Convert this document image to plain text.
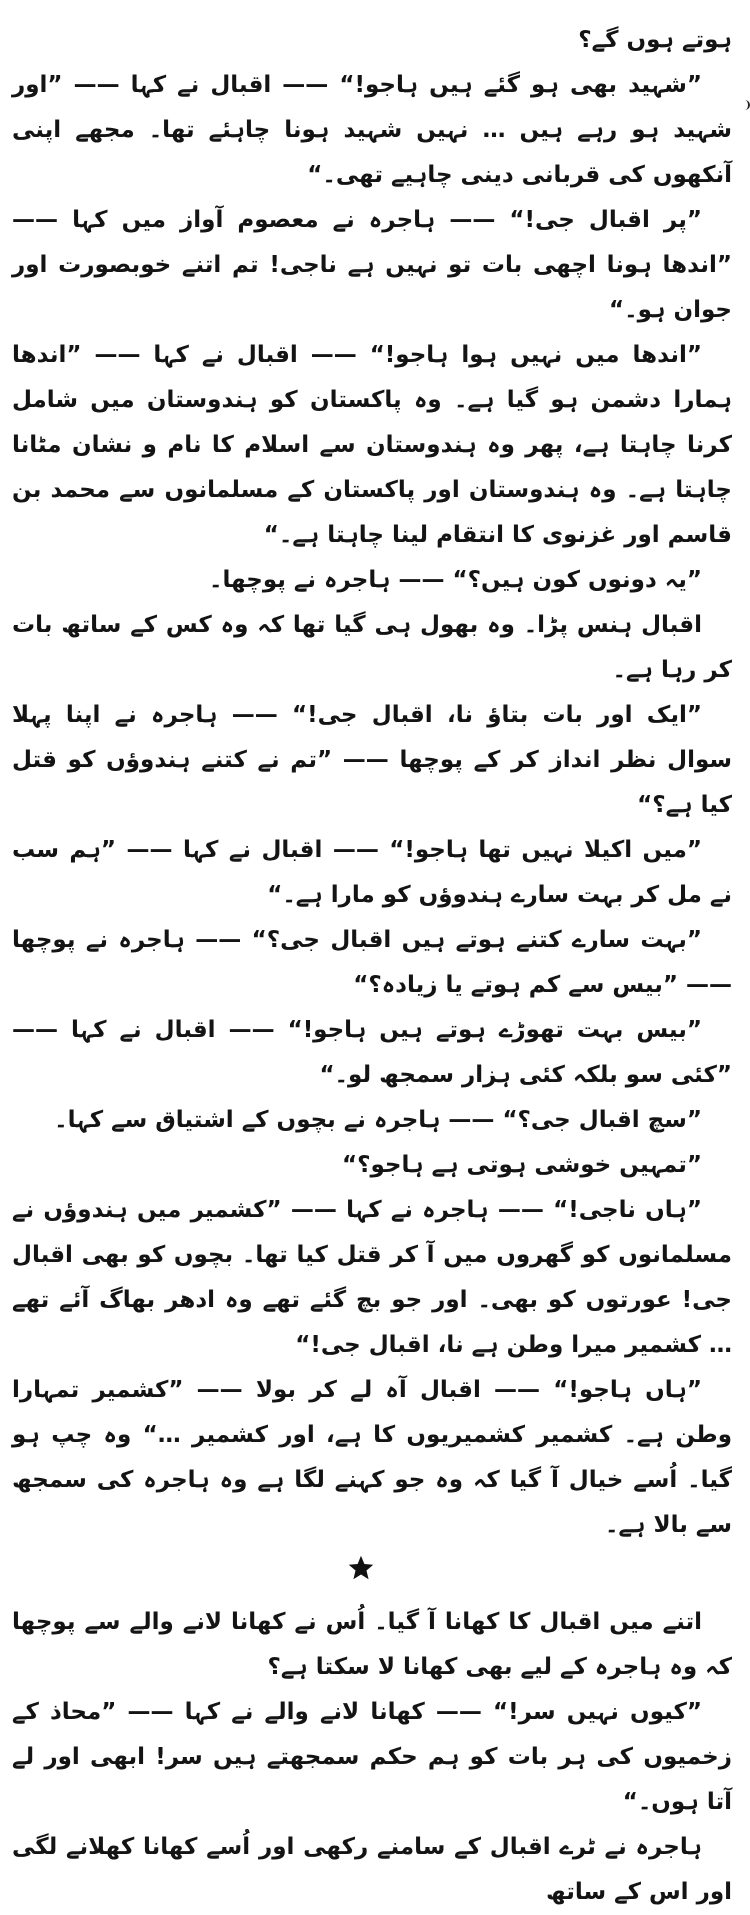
ہوتے ہوں گے؟

”شہید بھی ہو گئے ہیں ہاجو!“ —— اقبال نے کہا —— ”اور شہید ہو رہے ہیں … نہیں شہید ہونا چاہئے تھا۔ مجھے اپنی آنکھوں کی قربانی دینی چاہیے تھی۔“

”پر اقبال جی!“ —— ہاجرہ نے معصوم آواز میں کہا —— ”اندھا ہونا اچھی بات تو نہیں ہے ناجی! تم اتنے خوبصورت اور جوان ہو۔“

”اندھا میں نہیں ہوا ہاجو!“ —— اقبال نے کہا —— ”اندھا ہمارا دشمن ہو گیا ہے۔ وہ پاکستان کو ہندوستان میں شامل کرنا چاہتا ہے، پھر وہ ہندوستان سے اسلام کا نام و نشان مٹانا چاہتا ہے۔ وہ ہندوستان اور پاکستان کے مسلمانوں سے محمد بن قاسم اور غزنوی کا انتقام لینا چاہتا ہے۔“

”یہ دونوں کون ہیں؟“ —— ہاجرہ نے پوچھا۔

اقبال ہنس پڑا۔ وہ بھول ہی گیا تھا کہ وہ کس کے ساتھ بات کر رہا ہے۔

”ایک اور بات بتاؤ نا، اقبال جی!“ —— ہاجرہ نے اپنا پہلا سوال نظر انداز کر کے پوچھا —— ”تم نے کتنے ہندوؤں کو قتل کیا ہے؟“

”میں اکیلا نہیں تھا ہاجو!“ —— اقبال نے کہا —— ”ہم سب نے مل کر بہت سارے ہندوؤں کو مارا ہے۔“

”بہت سارے کتنے ہوتے ہیں اقبال جی؟“ —— ہاجرہ نے پوچھا —— ”بیس سے کم ہوتے یا زیادہ؟“

”بیس بہت تھوڑے ہوتے ہیں ہاجو!“ —— اقبال نے کہا —— ”کئی سو بلکہ کئی ہزار سمجھ لو۔“

”سچ اقبال جی؟“ —— ہاجرہ نے بچوں کے اشتیاق سے کہا۔

”تمہیں خوشی ہوتی ہے ہاجو؟“

”ہاں ناجی!“ —— ہاجرہ نے کہا —— ”کشمیر میں ہندوؤں نے مسلمانوں کو گھروں میں آ کر قتل کیا تھا۔ بچوں کو بھی اقبال جی! عورتوں کو بھی۔ اور جو بچ گئے تھے وہ ادھر بھاگ آئے تھے … کشمیر میرا وطن ہے نا، اقبال جی!“

”ہاں ہاجو!“ —— اقبال آہ لے کر بولا —— ”کشمیر تمہارا وطن ہے۔ کشمیر کشمیریوں کا ہے، اور کشمیر …“ وہ چپ ہو گیا۔ اُسے خیال آ گیا کہ وہ جو کہنے لگا ہے وہ ہاجرہ کی سمجھ سے بالا ہے۔

اتنے میں اقبال کا کھانا آ گیا۔ اُس نے کھانا لانے والے سے پوچھا کہ وہ ہاجرہ کے لیے بھی کھانا لا سکتا ہے؟

”کیوں نہیں سر!“ —— کھانا لانے والے نے کہا —— ”محاذ کے زخمیوں کی ہر بات کو ہم حکم سمجھتے ہیں سر! ابھی اور لے آتا ہوں۔“

ہاجرہ نے ٹرے اقبال کے سامنے رکھی اور اُسے کھانا کھلانے لگی اور اس کے ساتھ
